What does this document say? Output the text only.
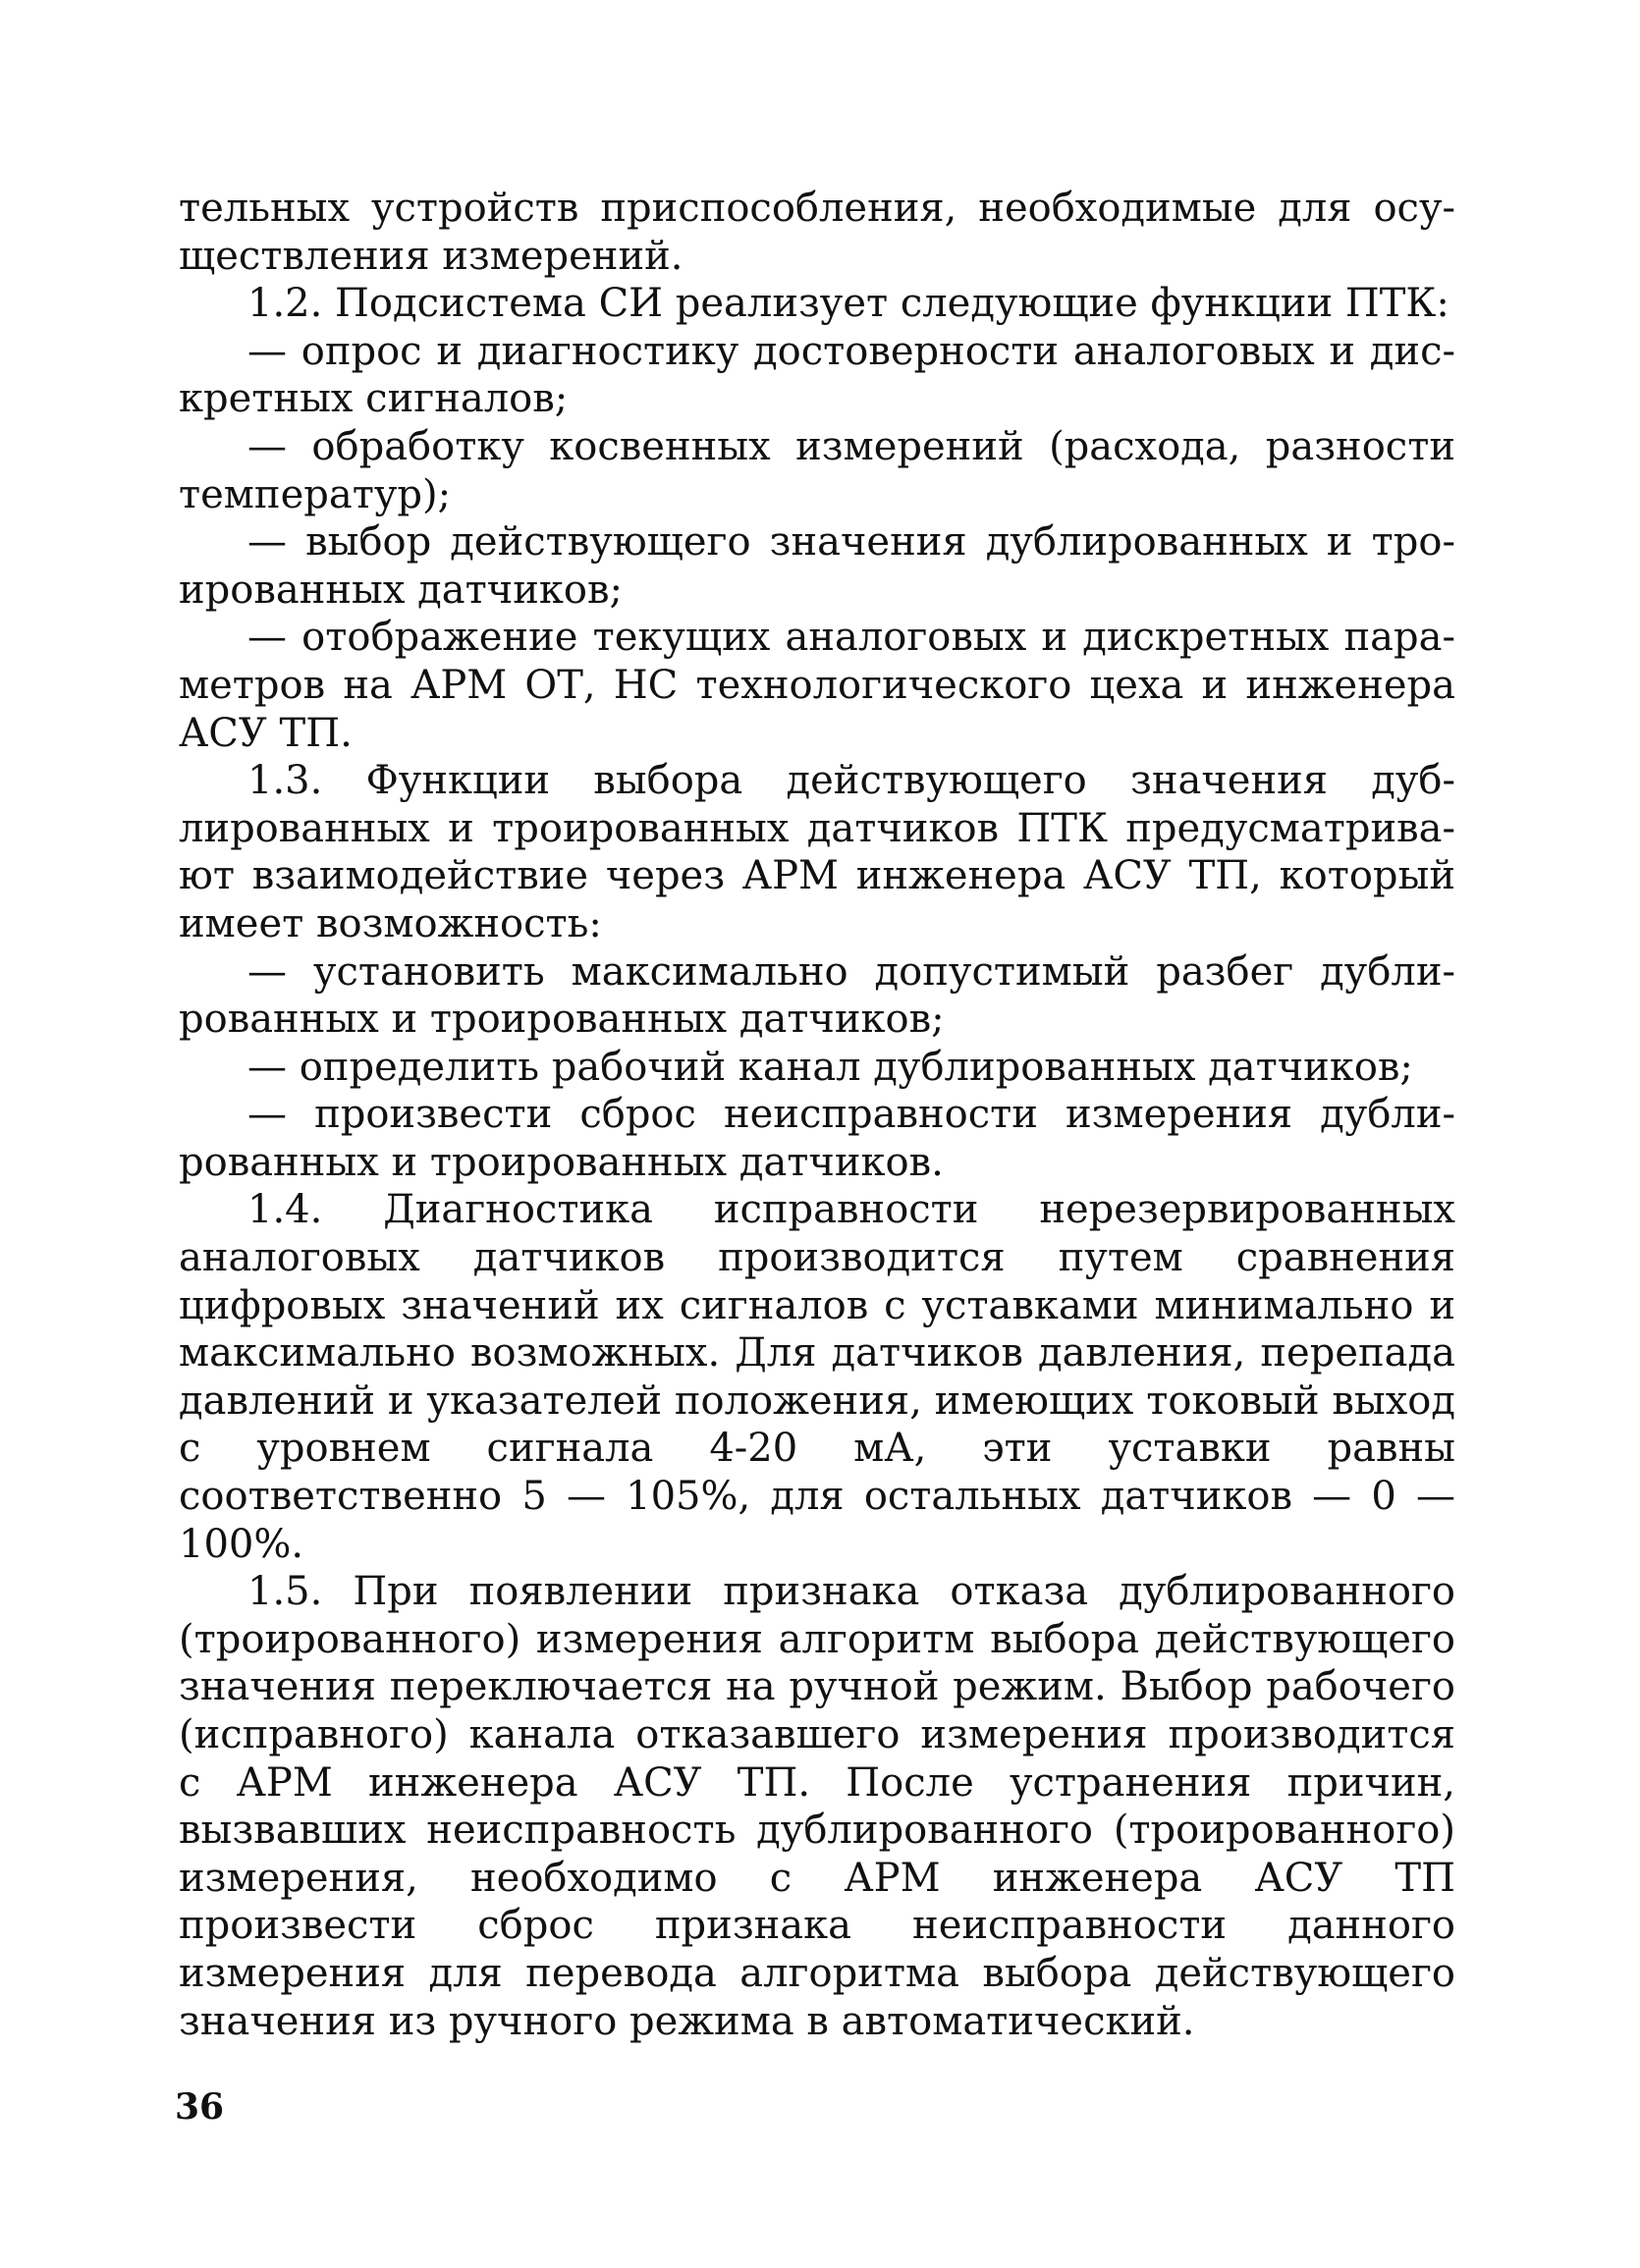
тельных устройств приспособления, необходимые для осуществления измерений.

1.2. Подсистема СИ реализует следующие функции ПТК:

— опрос и диагностику достоверности аналоговых и дискретных сигналов;

— обработку косвенных измерений (расхода, разности температур);

— выбор действующего значения дублированных и троированных датчиков;

— отображение текущих аналоговых и дискретных параметров на АРМ ОТ, НС технологического цеха и инженера АСУ ТП.

1.3. Функции выбора действующего значения дублированных и троированных датчиков ПТК предусматривают взаимодействие через АРМ инженера АСУ ТП, который имеет возможность:

— установить максимально допустимый разбег дублированных и троированных датчиков;

— определить рабочий канал дублированных датчиков;

— произвести сброс неисправности измерения дублированных и троированных датчиков.

1.4. Диагностика исправности нерезервированных аналоговых датчиков производится путем сравнения цифровых значений их сигналов с уставками минимально и максимально возможных. Для датчиков давления, перепада давлений и указателей положения, имеющих токовый выход с уровнем сигнала 4-20 мА, эти уставки равны соответственно 5 — 105%, для остальных датчиков — 0 — 100%.

1.5. При появлении признака отказа дублированного (троированного) измерения алгоритм выбора действующего значения переключается на ручной режим. Выбор рабочего (исправного) канала отказавшего измерения производится с АРМ инженера АСУ ТП. После устранения причин, вызвавших неисправность дублированного (троированного) измерения, необходимо с АРМ инженера АСУ ТП произвести сброс признака неисправности данного измерения для перевода алгоритма выбора действующего значения из ручного режима в автоматический.

36
